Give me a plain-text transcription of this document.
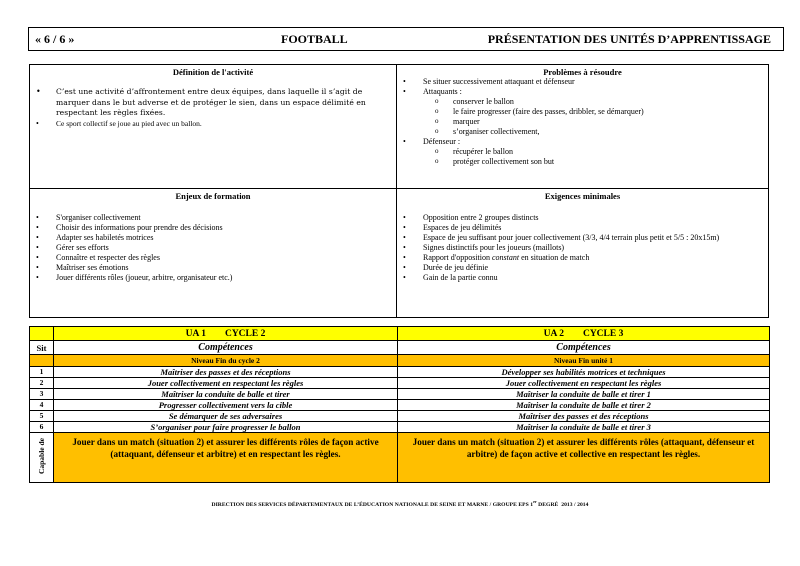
« 6 / 6 »	FOOTBALL	PRÉSENTATION DES UNITÉS D’APPRENTISSAGE
Définition de l'activité
• C’est une activité d’affrontement entre deux équipes, dans laquelle il s’agit de marquer dans le but adverse et de protéger le sien, dans un espace délimité en respectant les règles fixées.
• Ce sport collectif se joue au pied avec un ballon.
Problèmes à résoudre
• Se situer successivement attaquant et défenseur
• Attaquants :
o conserver le ballon
o le faire progresser (faire des passes, dribbler, se démarquer)
o marquer
o s’organiser collectivement,
• Défenseur :
o récupérer le ballon
o protéger collectivement son but
Enjeux de formation
• S'organiser collectivement
• Choisir des informations pour prendre des décisions
• Adapter ses habiletés motrices
• Gérer ses efforts
• Connaître et respecter des règles
• Maîtriser ses émotions
• Jouer différents rôles (joueur, arbitre, organisateur etc.)
Exigences minimales
• Opposition entre 2 groupes distincts
• Espaces de jeu délimités
• Espace de jeu suffisant pour jouer collectivement (3/3, 4/4 terrain plus petit et 5/5 : 20x15m)
• Signes distinctifs pour les joueurs (maillots)
• Rapport d'opposition constant en situation de match
• Durée de jeu définie
• Gain de la partie connu
	UA 1        CYCLE 2	UA 2        CYCLE 3
Sit	Compétences	Compétences
	Niveau Fin du cycle 2	Niveau Fin unité 1
1	Maîtriser des passes et des réceptions	Développer ses habilités motrices et techniques
2	Jouer collectivement en respectant les règles	Jouer collectivement en respectant les règles
3	Maîtriser la conduite de balle et tirer	Maîtriser la conduite de balle et tirer 1
4	Progresser collectivement vers la cible	Maîtriser la conduite de balle et tirer 2
5	Se démarquer de ses adversaires	Maîtriser des passes et des réceptions
6	S’organiser pour faire progresser le ballon	Maîtriser la conduite de balle et tirer 3
Capable de	Jouer dans un match (situation 2) et assurer les différents rôles de façon active (attaquant, défenseur et arbitre) et en respectant les règles.	Jouer dans un match (situation 2) et assurer les différents rôles (attaquant, défenseur et arbitre) de façon active et collective en respectant les règles.
DIRECTION DES SERVICES DÉPARTEMENTAUX DE L’ÉDUCATION NATIONALE DE SEINE ET MARNE / GROUPE EPS 1er DEGRÉ  2013 / 2014
